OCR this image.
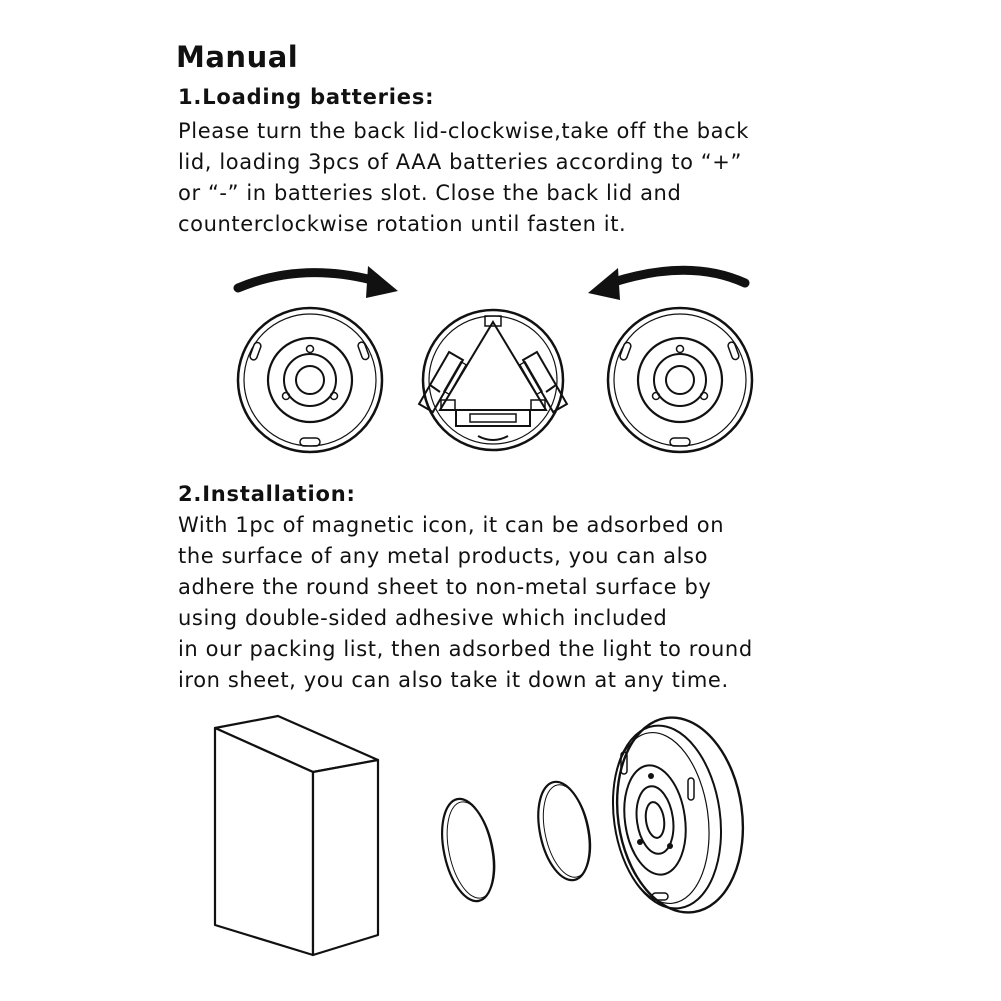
Manual
1.Loading batteries:
Please turn the back lid-clockwise,take off the back
lid, loading 3pcs of AAA batteries according to “+”
or “-” in batteries slot. Close the back lid and
counterclockwise rotation until fasten it.
2.Installation:
With 1pc of magnetic icon, it can be adsorbed on
the surface of any metal products, you can also
adhere the round sheet to non-metal surface by
using double-sided adhesive which included
in our packing list, then adsorbed the light to round
iron sheet, you can also take it down at any time.
